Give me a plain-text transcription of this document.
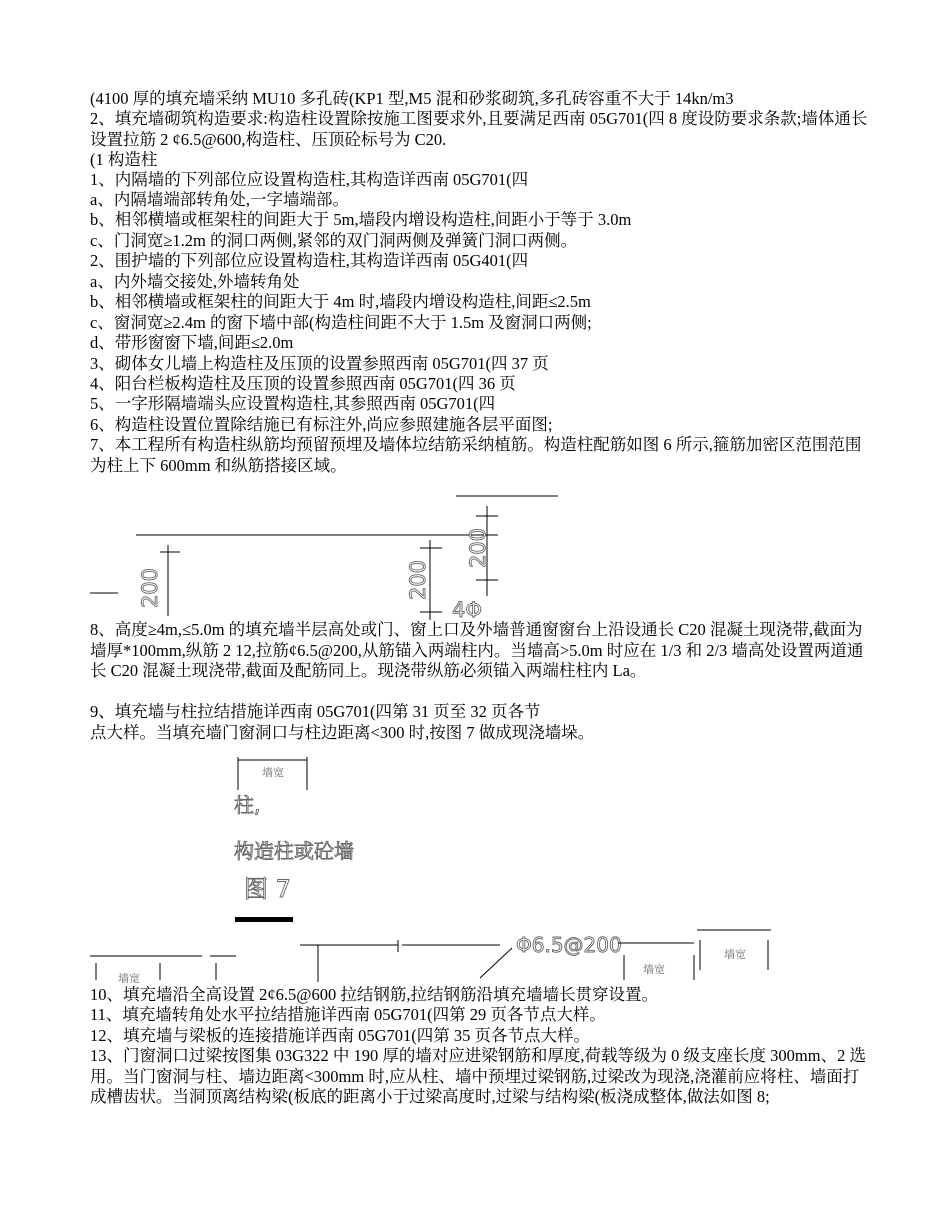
(4100 厚的填充墙采纳 MU10 多孔砖(KP1 型,M5 混和砂浆砌筑,多孔砖容重不大于 14kn/m3
2、填充墙砌筑构造要求:构造柱设置除按施工图要求外,且要满足西南 05G701(四 8 度设防要求条款;墙体通长设置拉筋 2 ¢6.5@600,构造柱、压顶砼标号为 C20.
(1 构造柱
1、内隔墙的下列部位应设置构造柱,其构造详西南 05G701(四
a、内隔墙端部转角处,一字墙端部。
b、相邻横墙或框架柱的间距大于 5m,墙段内增设构造柱,间距小于等于 3.0m
c、门洞宽≥1.2m 的洞口两侧,紧邻的双门洞两侧及弹簧门洞口两侧。
2、围护墙的下列部位应设置构造柱,其构造详西南 05G401(四
a、内外墙交接处,外墙转角处
b、相邻横墙或框架柱的间距大于 4m 时,墙段内增设构造柱,间距≤2.5m
c、窗洞宽≥2.4m 的窗下墙中部(构造柱间距不大于 1.5m 及窗洞口两侧;
d、带形窗窗下墙,间距≤2.0m
3、砌体女儿墙上构造柱及压顶的设置参照西南 05G701(四 37 页
4、阳台栏板构造柱及压顶的设置参照西南 05G701(四 36 页
5、一字形隔墙端头应设置构造柱,其参照西南 05G701(四
6、构造柱设置位置除结施已有标注外,尚应参照建施各层平面图;
7、本工程所有构造柱纵筋均预留预埋及墙体垃结筋采纳植筋。构造柱配筋如图 6 所示,箍筋加密区范围范围为柱上下 600mm 和纵筋搭接区域。
200
200
200
4Φ
8、高度≥4m,≤5.0m 的填充墙半层高处或门、窗上口及外墙普通窗窗台上沿设通长 C20 混凝土现浇带,截面为墙厚*100mm,纵筋 2 12,拉筋¢6.5@200,从筋锚入两端柱内。当墙高>5.0m 时应在 1/3 和 2/3 墙高处设置两道通长 C20 混凝土现浇带,截面及配筋同上。现浇带纵筋必须锚入两端柱柱内 La。
9、填充墙与柱拉结措施详西南 05G701(四第 31 页至 32 页各节
点大样。当填充墙门窗洞口与柱边距离<300 时,按图 7 做成现浇墙垛。
墙宽
柱,
构造柱或砼墙
图 7
Φ6.5@200
墙宽
墙宽
墙宽
10、填充墙沿全高设置 2¢6.5@600 拉结钢筋,拉结钢筋沿填充墙墙长贯穿设置。
11、填充墙转角处水平拉结措施详西南 05G701(四第 29 页各节点大样。
12、填充墙与梁板的连接措施详西南 05G701(四第 35 页各节点大样。
13、门窗洞口过梁按图集 03G322 中 190 厚的墙对应进梁钢筋和厚度,荷载等级为 0 级支座长度 300mm、2 选用。当门窗洞与柱、墙边距离<300mm 时,应从柱、墙中预埋过梁钢筋,过梁改为现浇,浇灌前应将柱、墙面打成槽齿状。当洞顶离结构梁(板底的距离小于过梁高度时,过梁与结构梁(板浇成整体,做法如图 8;
